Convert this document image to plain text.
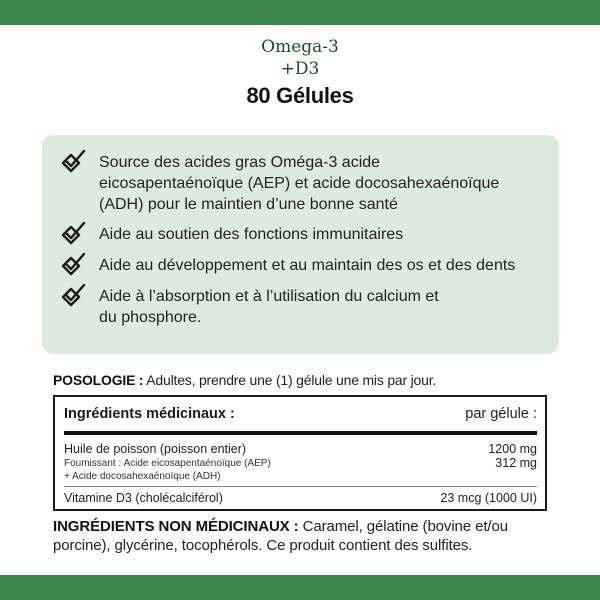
Omega-3
+D3
80 Gélules
Source des acides gras Oméga-3 acide
eicosapentaénoïque (AEP) et acide docosahexaénoïque
(ADH) pour le maintien d’une bonne santé
Aide au soutien des fonctions immunitaires
Aide au développement et au maintain des os et des dents
Aide à l’absorption et à l’utilisation du calcium et
du phosphore.
POSOLOGIE : Adultes, prendre une (1) gélule une mis par jour.
Ingrédients médicinaux :	par gélule :
Huile de poisson (poisson entier)
Foumissant : Acide eicosapentaénoïque (AEP)
+ Acide docosahexaénoïque (ADH)
1200 mg
312 mg
Vitamine D3 (cholécalciférol)	23 mcg (1000 UI)
INGRÉDIENTS NON MÉDICINAUX : Caramel, gélatine (bovine et/ou porcine), glycérine, tocophérols. Ce produit contient des sulfites.
